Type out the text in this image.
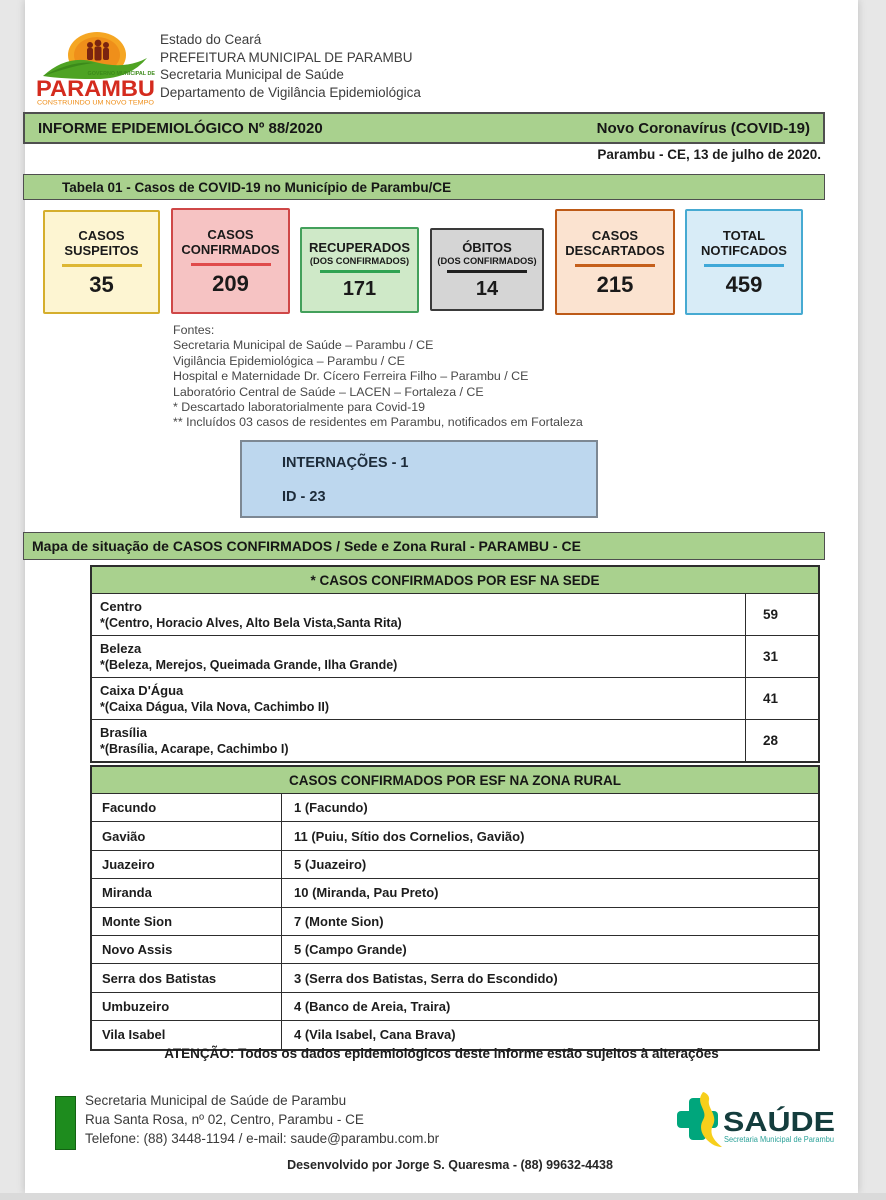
GOVERNO MUNICIPAL DE
PARAMBU
CONSTRUINDO UM NOVO TEMPO
Estado do Ceará
PREFEITURA MUNICIPAL DE PARAMBU
Secretaria Municipal de Saúde
Departamento de Vigilância Epidemiológica
INFORME EPIDEMIOLÓGICO Nº 88/2020	Novo Coronavírus (COVID-19)
Parambu - CE, 13 de julho de 2020.
Tabela 01 - Casos de COVID-19 no Município de Parambu/CE
CASOS
SUSPEITOS
35
CASOS
CONFIRMADOS
209
RECUPERADOS
(DOS CONFIRMADOS)
171
ÓBITOS
(DOS CONFIRMADOS)
14
CASOS
DESCARTADOS
215
TOTAL
NOTIFCADOS
459
Fontes:
Secretaria Municipal de Saúde – Parambu / CE
Vigilância Epidemiológica – Parambu / CE
Hospital e Maternidade Dr. Cícero Ferreira Filho – Parambu / CE
Laboratório Central de Saúde – LACEN – Fortaleza / CE
* Descartado laboratorialmente para Covid-19
** Incluídos 03 casos de residentes em Parambu, notificados em Fortaleza
INTERNAÇÕES - 1
ID - 23
Mapa de situação de CASOS CONFIRMADOS / Sede e Zona Rural - PARAMBU - CE
* CASOS CONFIRMADOS POR ESF NA SEDE
Centro
*(Centro, Horacio Alves, Alto Bela Vista,Santa Rita)
59
Beleza
*(Beleza, Merejos, Queimada Grande, Ilha Grande)
31
Caixa D'Água
*(Caixa Dágua, Vila Nova, Cachimbo II)
41
Brasília
*(Brasília, Acarape, Cachimbo I)
28
CASOS CONFIRMADOS POR ESF NA ZONA RURAL
Facundo	1 (Facundo)
Gavião	11 (Puiu, Sítio dos Cornelios, Gavião)
Juazeiro	5 (Juazeiro)
Miranda	10 (Miranda, Pau Preto)
Monte Sion	7 (Monte Sion)
Novo Assis	5 (Campo Grande)
Serra dos Batistas	3 (Serra dos Batistas, Serra do Escondido)
Umbuzeiro	4 (Banco de Areia, Traira)
Vila Isabel	4 (Vila Isabel, Cana Brava)
ATENÇÃO: Todos os dados epidemiológicos deste informe estão sujeitos à alterações
Secretaria Municipal de Saúde de Parambu
Rua Santa Rosa, nº 02, Centro, Parambu - CE
Telefone: (88) 3448-1194 / e-mail: saude@parambu.com.br
SAÚDE
Secretaria Municipal de Parambu
Desenvolvido por Jorge S. Quaresma - (88) 99632-4438
